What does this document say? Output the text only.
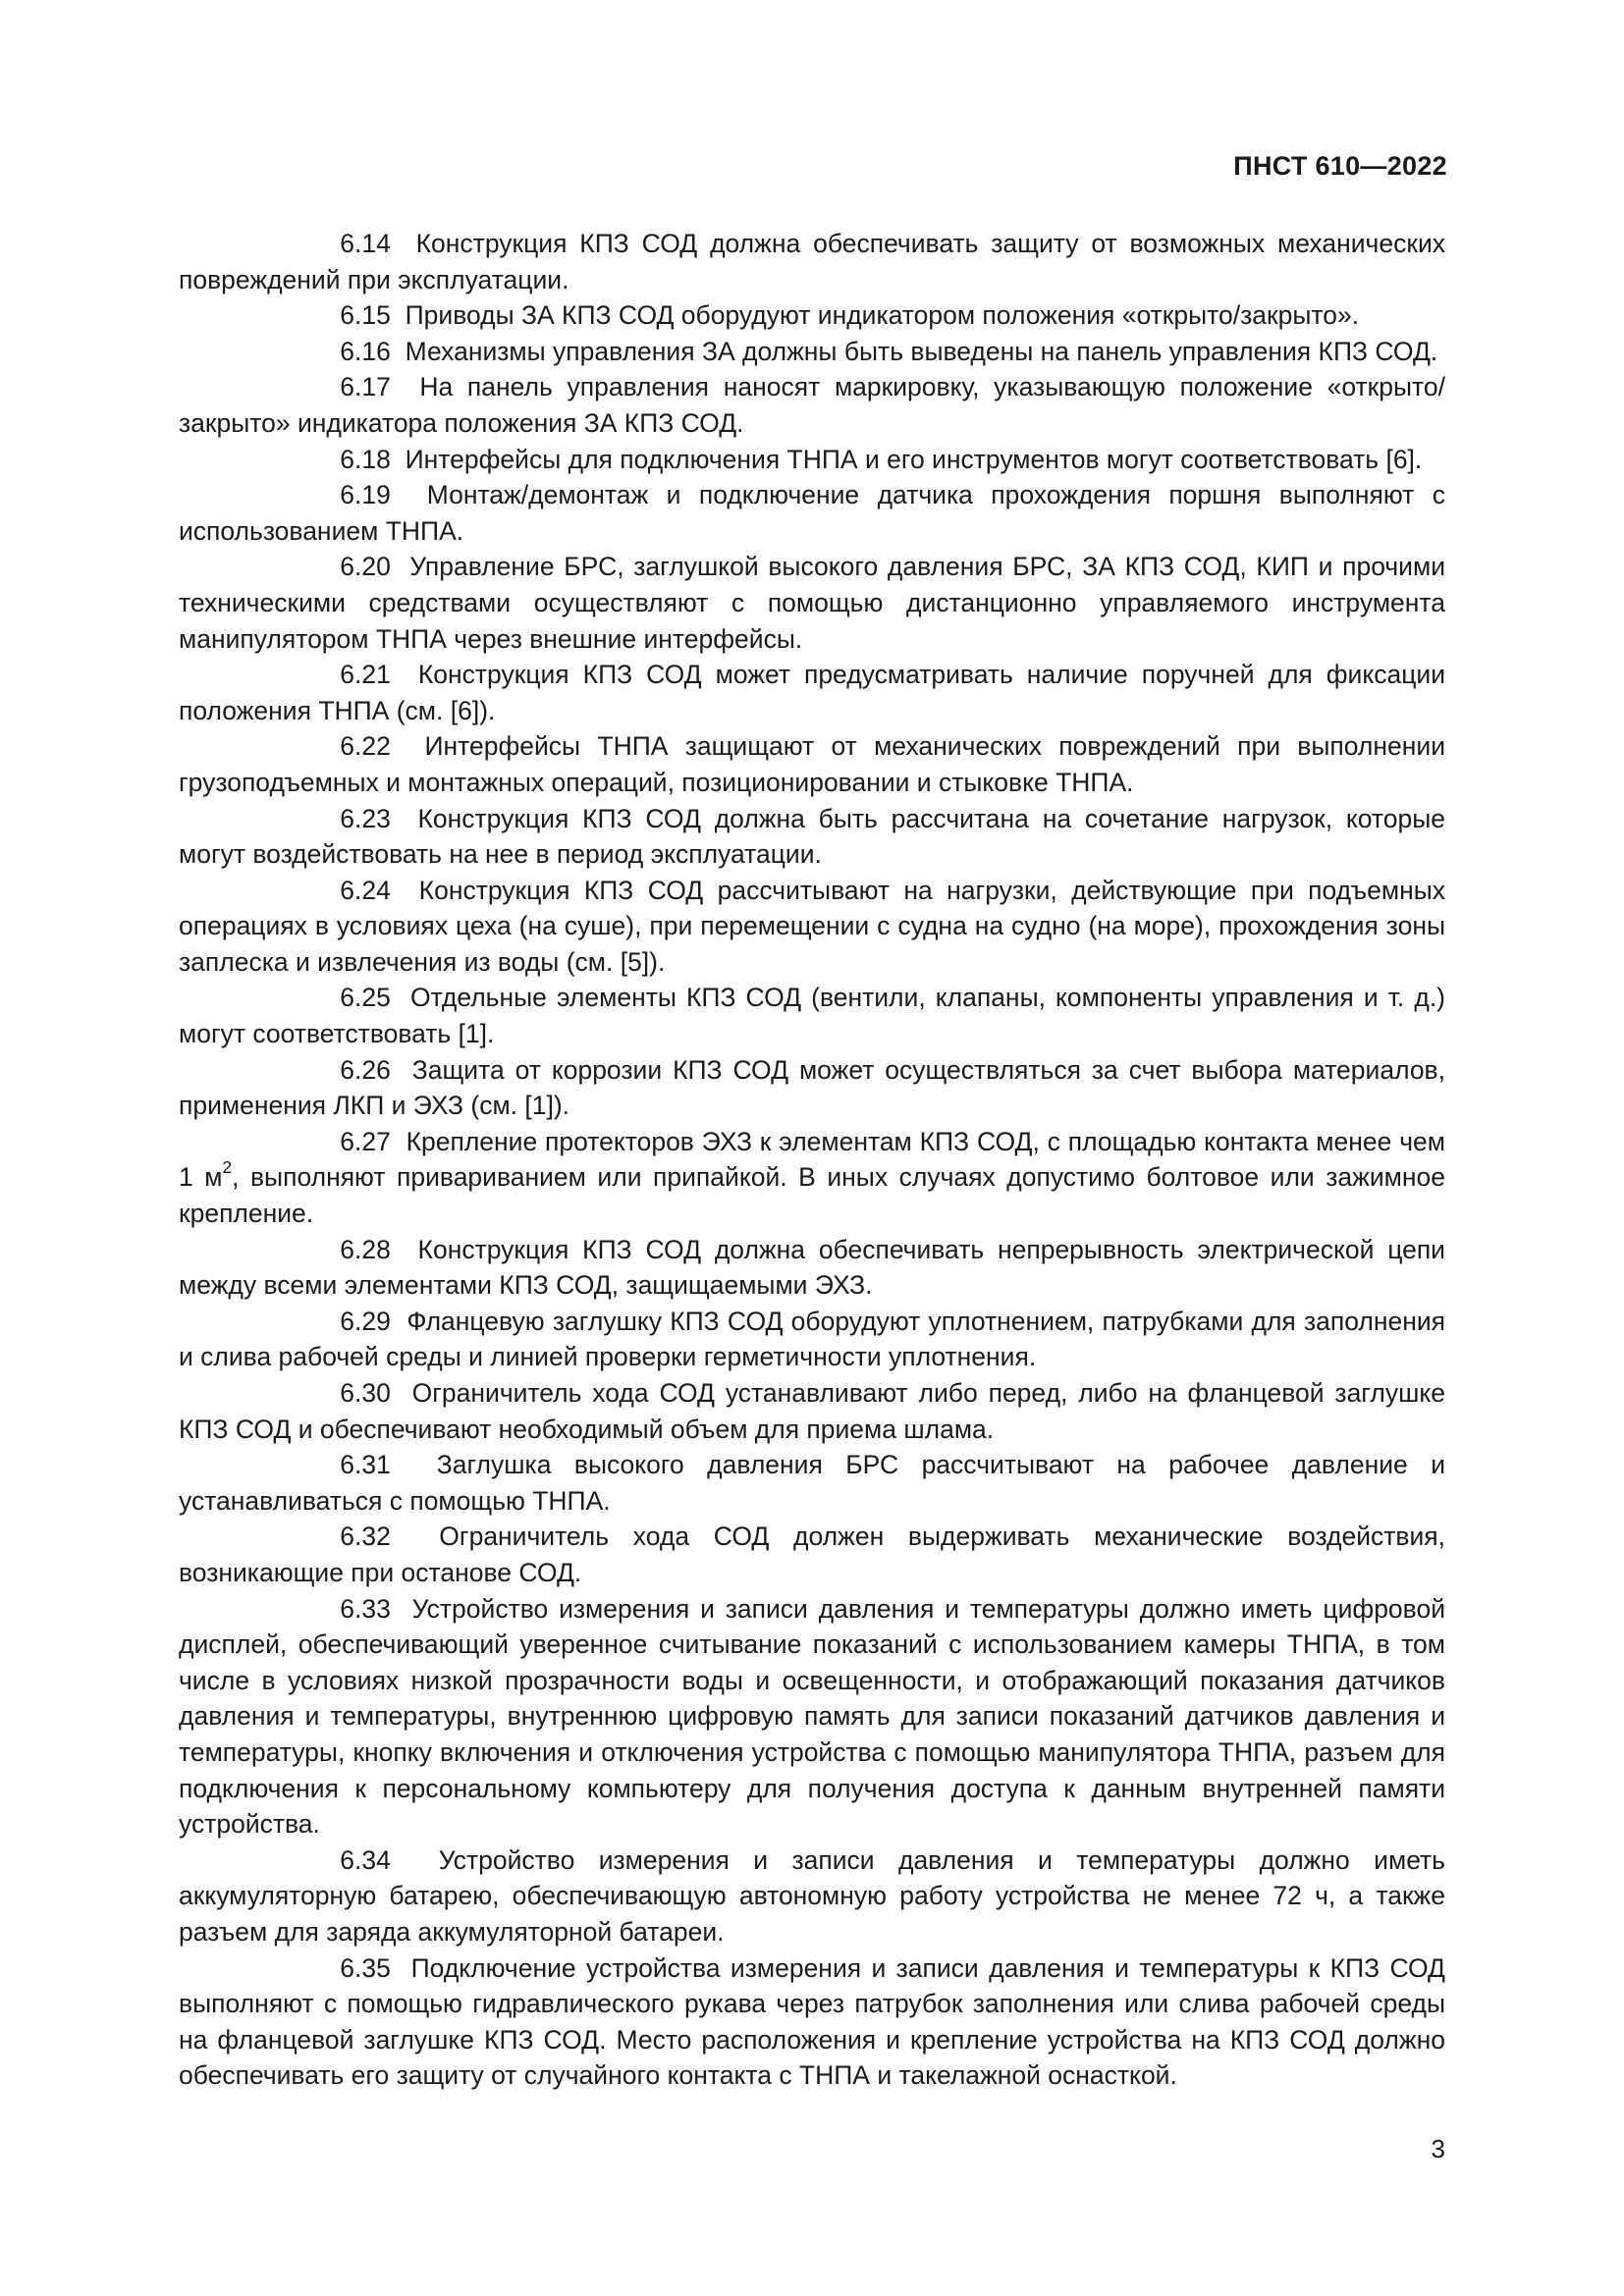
ПНСТ 610—2022

6.14 Конструкция КПЗ СОД должна обеспечивать защиту от возможных механических повреждений при эксплуатации.

6.15 Приводы ЗА КПЗ СОД оборудуют индикатором положения «открыто/закрыто».

6.16 Механизмы управления ЗА должны быть выведены на панель управления КПЗ СОД.

6.17 На панель управления наносят маркировку, указывающую положение «открыто/закрыто» индикатора положения ЗА КПЗ СОД.

6.18 Интерфейсы для подключения ТНПА и его инструментов могут соответствовать [6].

6.19 Монтаж/демонтаж и подключение датчика прохождения поршня выполняют с использованием ТНПА.

6.20 Управление БРС, заглушкой высокого давления БРС, ЗА КПЗ СОД, КИП и прочими техническими средствами осуществляют с помощью дистанционно управляемого инструмента манипулятором ТНПА через внешние интерфейсы.

6.21 Конструкция КПЗ СОД может предусматривать наличие поручней для фиксации положения ТНПА (см. [6]).

6.22 Интерфейсы ТНПА защищают от механических повреждений при выполнении грузоподъемных и монтажных операций, позиционировании и стыковке ТНПА.

6.23 Конструкция КПЗ СОД должна быть рассчитана на сочетание нагрузок, которые могут воздействовать на нее в период эксплуатации.

6.24 Конструкция КПЗ СОД рассчитывают на нагрузки, действующие при подъемных операциях в условиях цеха (на суше), при перемещении с судна на судно (на море), прохождения зоны заплеска и извлечения из воды (см. [5]).

6.25 Отдельные элементы КПЗ СОД (вентили, клапаны, компоненты управления и т. д.) могут соответствовать [1].

6.26 Защита от коррозии КПЗ СОД может осуществляться за счет выбора материалов, применения ЛКП и ЭХЗ (см. [1]).

6.27 Крепление протекторов ЭХЗ к элементам КПЗ СОД, с площадью контакта менее чем 1 $м^2$, выполняют привариванием или припайкой. В иных случаях допустимо болтовое или зажимное крепление.

6.28 Конструкция КПЗ СОД должна обеспечивать непрерывность электрической цепи между всеми элементами КПЗ СОД, защищаемыми ЭХЗ.

6.29 Фланцевую заглушку КПЗ СОД оборудуют уплотнением, патрубками для заполнения и слива рабочей среды и линией проверки герметичности уплотнения.

6.30 Ограничитель хода СОД устанавливают либо перед, либо на фланцевой заглушке КПЗ СОД и обеспечивают необходимый объем для приема шлама.

6.31 Заглушка высокого давления БРС рассчитывают на рабочее давление и устанавливаться с помощью ТНПА.

6.32 Ограничитель хода СОД должен выдерживать механические воздействия, возникающие при останове СОД.

6.33 Устройство измерения и записи давления и температуры должно иметь цифровой дисплей, обеспечивающий уверенное считывание показаний с использованием камеры ТНПА, в том числе в условиях низкой прозрачности воды и освещенности, и отображающий показания датчиков давления и температуры, внутреннюю цифровую память для записи показаний датчиков давления и температуры, кнопку включения и отключения устройства с помощью манипулятора ТНПА, разъем для подключения к персональному компьютеру для получения доступа к данным внутренней памяти устройства.

6.34 Устройство измерения и записи давления и температуры должно иметь аккумуляторную батарею, обеспечивающую автономную работу устройства не менее 72 ч, а также разъем для заряда аккумуляторной батареи.

6.35 Подключение устройства измерения и записи давления и температуры к КПЗ СОД выполняют с помощью гидравлического рукава через патрубок заполнения или слива рабочей среды на фланцевой заглушке КПЗ СОД. Место расположения и крепление устройства на КПЗ СОД должно обеспечивать его защиту от случайного контакта с ТНПА и такелажной оснасткой.

3
